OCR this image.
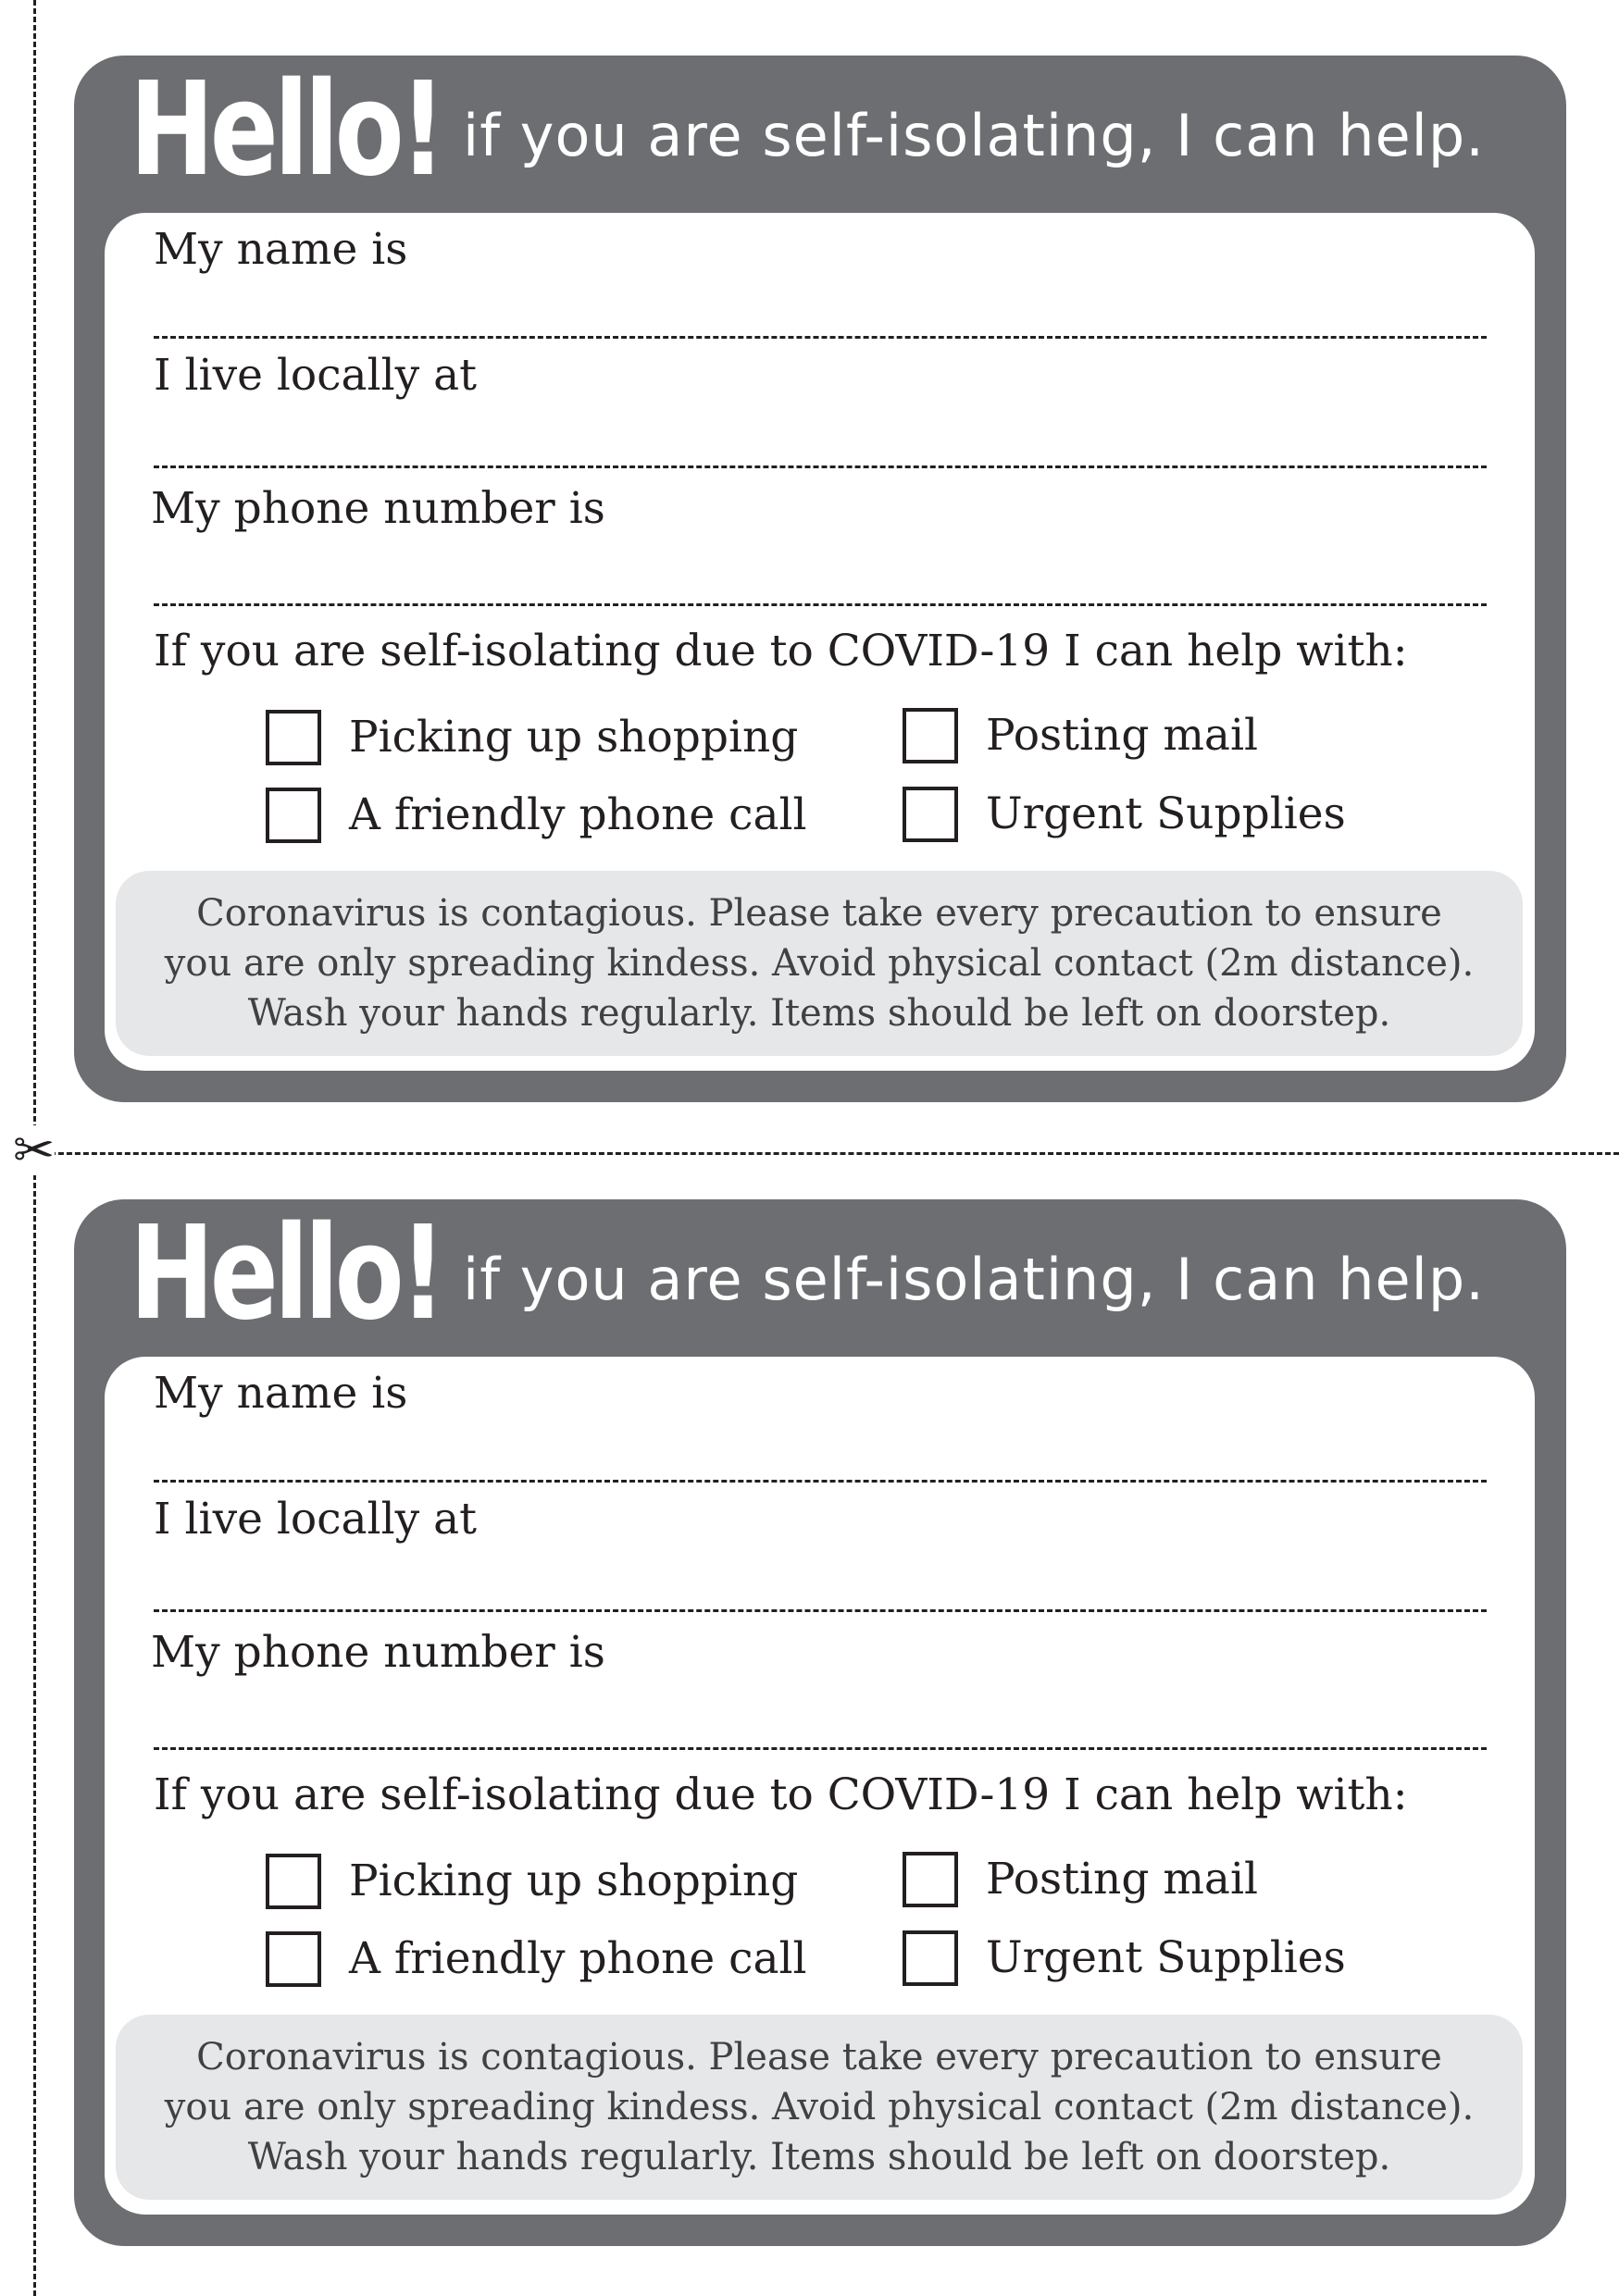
✂
Hello! if you are self-isolating, I can help.
My name is
I live locally at
My phone number is
If you are self-isolating due to COVID-19 I can help with:
Picking up shopping	Posting mail
A friendly phone call	Urgent Supplies
Coronavirus is contagious. Please take every precaution to ensure
you are only spreading kindess. Avoid physical contact (2m distance).
Wash your hands regularly. Items should be left on doorstep.
Hello! if you are self-isolating, I can help.
My name is
I live locally at
My phone number is
If you are self-isolating due to COVID-19 I can help with:
Picking up shopping	Posting mail
A friendly phone call	Urgent Supplies
Coronavirus is contagious. Please take every precaution to ensure
you are only spreading kindess. Avoid physical contact (2m distance).
Wash your hands regularly. Items should be left on doorstep.
